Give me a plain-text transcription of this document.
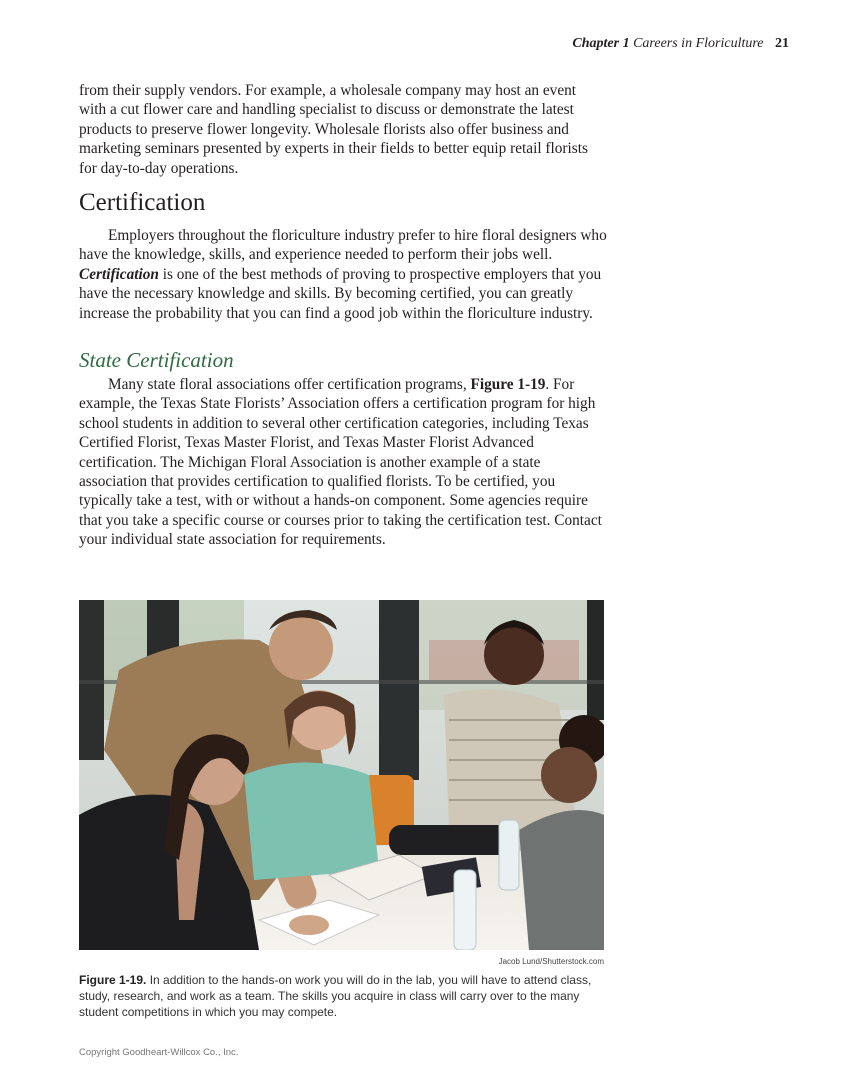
Chapter 1 Careers in Floriculture 21

from their supply vendors. For example, a wholesale company may host an event with a cut flower care and handling specialist to discuss or demonstrate the latest products to preserve flower longevity. Wholesale florists also offer business and marketing seminars presented by experts in their fields to better equip retail florists for day-to-day operations.

Certification

Employers throughout the floriculture industry prefer to hire floral designers who have the knowledge, skills, and experience needed to perform their jobs well. Certification is one of the best methods of proving to prospective employers that you have the necessary knowledge and skills. By becoming certified, you can greatly increase the probability that you can find a good job within the floriculture industry.

State Certification

Many state floral associations offer certification programs, Figure 1-19. For example, the Texas State Florists’ Association offers a certification program for high school students in addition to several other certification categories, including Texas Certified Florist, Texas Master Florist, and Texas Master Florist Advanced certification. The Michigan Floral Association is another example of a state association that provides certification to qualified florists. To be certified, you typically take a test, with or without a hands-on component. Some agencies require that you take a specific course or courses prior to taking the certification test. Contact your individual state association for requirements.

Jacob Lund/Shutterstock.com

Figure 1-19. In addition to the hands-on work you will do in the lab, you will have to attend class, study, research, and work as a team. The skills you acquire in class will carry over to the many student competitions in which you may compete.

Copyright Goodheart-Willcox Co., Inc.
